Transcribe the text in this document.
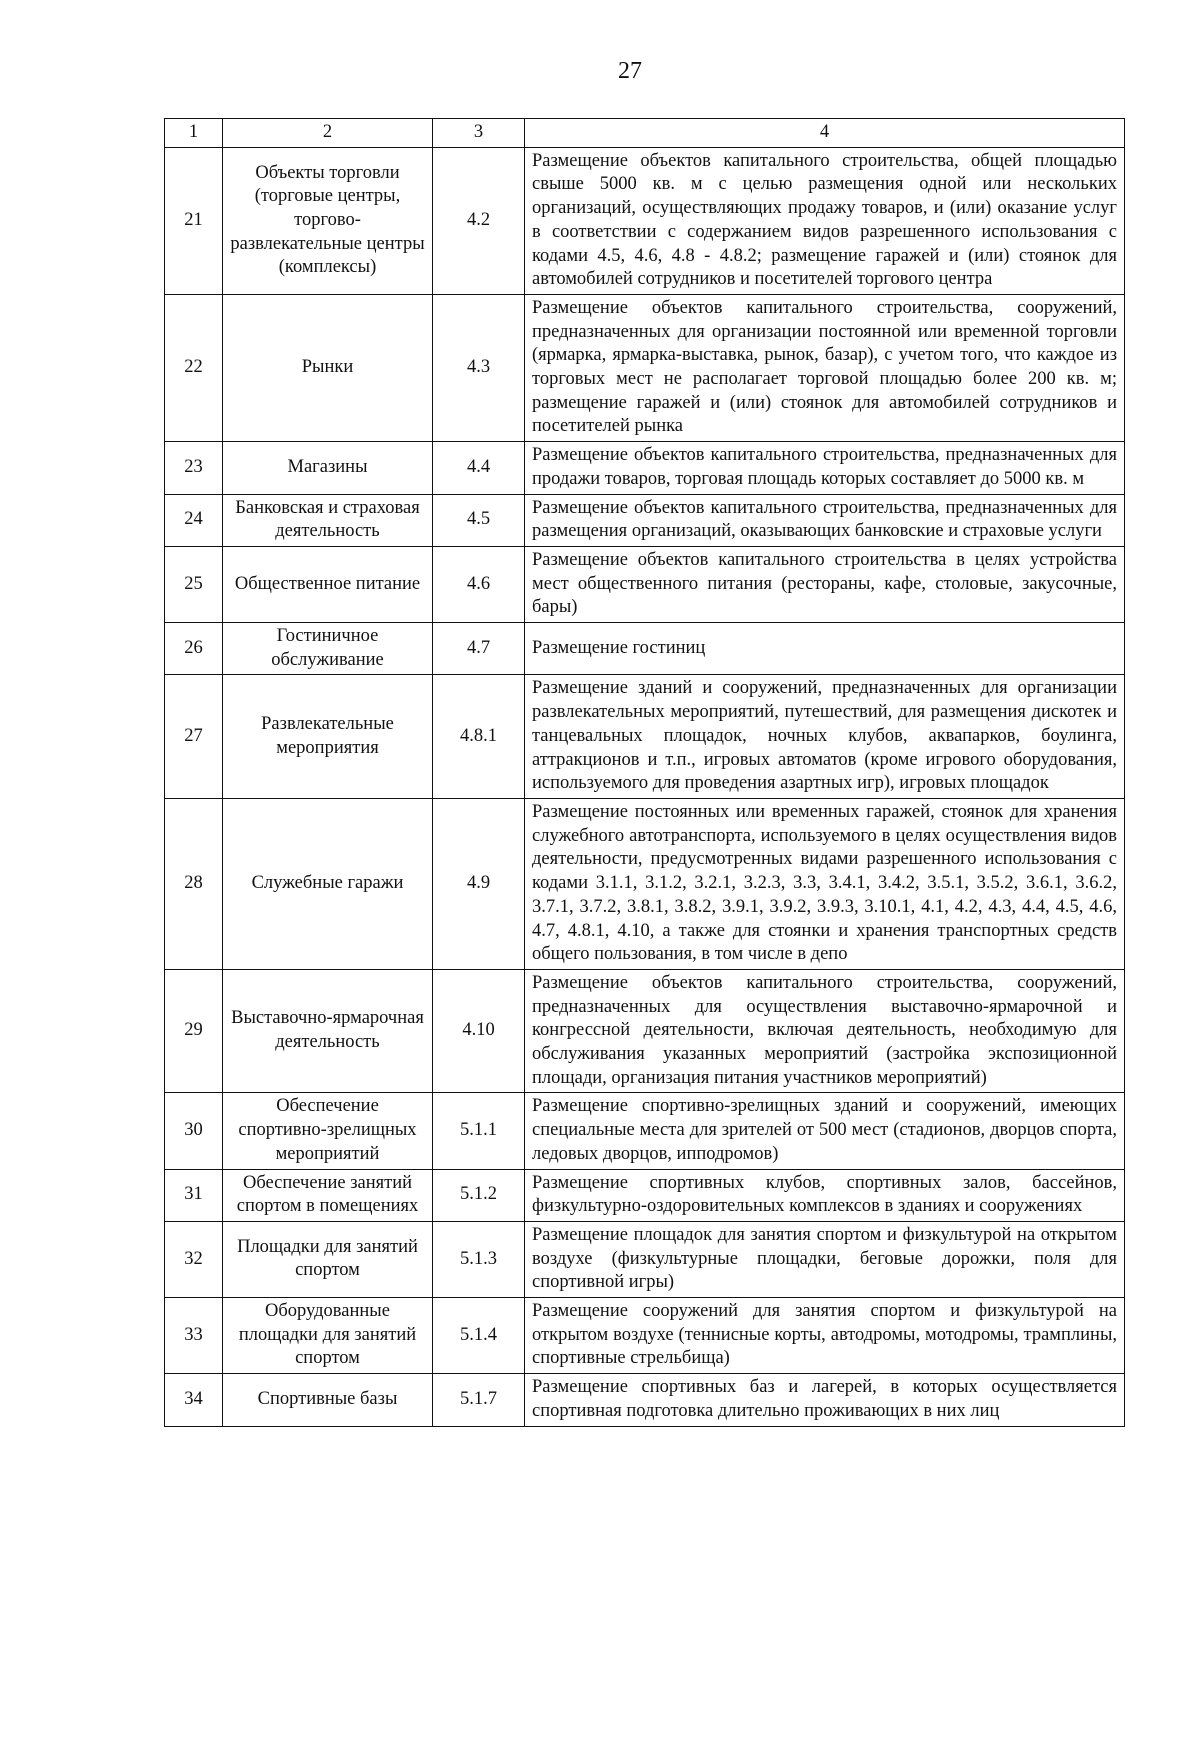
27
1	2	3	4
21	Объекты торговли (торговые центры, торгово-развлекательные центры (комплексы)	4.2	Размещение объектов капитального строительства, общей площадью свыше 5000 кв. м с целью размещения одной или нескольких организаций, осуществляющих продажу товаров, и (или) оказание услуг в соответствии с содержанием видов разрешенного использования с кодами 4.5, 4.6, 4.8 - 4.8.2; размещение гаражей и (или) стоянок для автомобилей сотрудников и посетителей торгового центра
22	Рынки	4.3	Размещение объектов капитального строительства, сооружений, предназначенных для организации постоянной или временной торговли (ярмарка, ярмарка-выставка, рынок, базар), с учетом того, что каждое из торговых мест не располагает торговой площадью более 200 кв. м; размещение гаражей и (или) стоянок для автомобилей сотрудников и посетителей рынка
23	Магазины	4.4	Размещение объектов капитального строительства, предназначенных для продажи товаров, торговая площадь которых составляет до 5000 кв. м
24	Банковская и страховая деятельность	4.5	Размещение объектов капитального строительства, предназначенных для размещения организаций, оказывающих банковские и страховые услуги
25	Общественное питание	4.6	Размещение объектов капитального строительства в целях устройства мест общественного питания (рестораны, кафе, столовые, закусочные, бары)
26	Гостиничное обслуживание	4.7	Размещение гостиниц
27	Развлекательные мероприятия	4.8.1	Размещение зданий и сооружений, предназначенных для организации развлекательных мероприятий, путешествий, для размещения дискотек и танцевальных площадок, ночных клубов, аквапарков, боулинга, аттракционов и т.п., игровых автоматов (кроме игрового оборудования, используемого для проведения азартных игр), игровых площадок
28	Служебные гаражи	4.9	Размещение постоянных или временных гаражей, стоянок для хранения служебного автотранспорта, используемого в целях осуществления видов деятельности, предусмотренных видами разрешенного использования с кодами 3.1.1, 3.1.2, 3.2.1, 3.2.3, 3.3, 3.4.1, 3.4.2, 3.5.1, 3.5.2, 3.6.1, 3.6.2, 3.7.1, 3.7.2, 3.8.1, 3.8.2, 3.9.1, 3.9.2, 3.9.3, 3.10.1, 4.1, 4.2, 4.3, 4.4, 4.5, 4.6, 4.7, 4.8.1, 4.10, а также для стоянки и хранения транспортных средств общего пользования, в том числе в депо
29	Выставочно-ярмарочная деятельность	4.10	Размещение объектов капитального строительства, сооружений, предназначенных для осуществления выставочно-ярмарочной и конгрессной деятельности, включая деятельность, необходимую для обслуживания указанных мероприятий (застройка экспозиционной площади, организация питания участников мероприятий)
30	Обеспечение спортивно-зрелищных мероприятий	5.1.1	Размещение спортивно-зрелищных зданий и сооружений, имеющих специальные места для зрителей от 500 мест (стадионов, дворцов спорта, ледовых дворцов, ипподромов)
31	Обеспечение занятий спортом в помещениях	5.1.2	Размещение спортивных клубов, спортивных залов, бассейнов, физкультурно-оздоровительных комплексов в зданиях и сооружениях
32	Площадки для занятий спортом	5.1.3	Размещение площадок для занятия спортом и физкультурой на открытом воздухе (физкультурные площадки, беговые дорожки, поля для спортивной игры)
33	Оборудованные площадки для занятий спортом	5.1.4	Размещение сооружений для занятия спортом и физкультурой на открытом воздухе (теннисные корты, автодромы, мотодромы, трамплины, спортивные стрельбища)
34	Спортивные базы	5.1.7	Размещение спортивных баз и лагерей, в которых осуществляется спортивная подготовка длительно проживающих в них лиц
